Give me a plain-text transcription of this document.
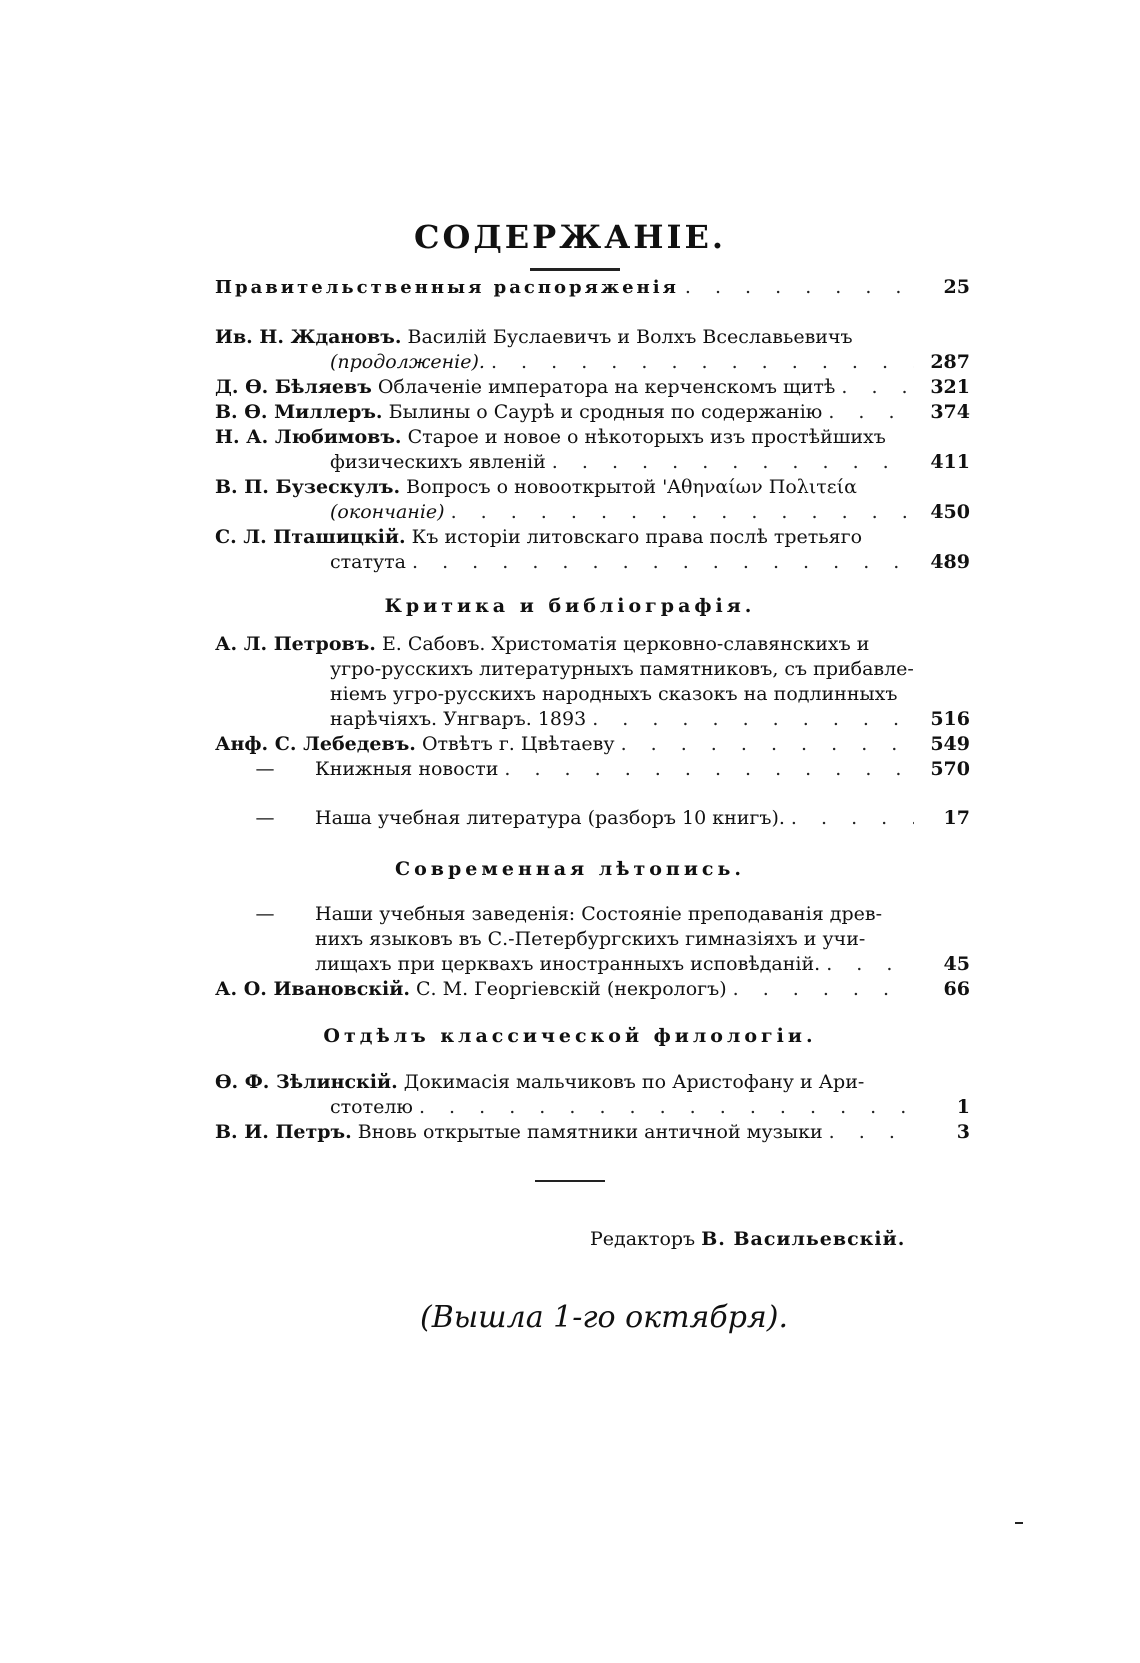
СОДЕРЖАНІЕ.
Правительственныя распоряженія . . .	25
Ив. Н. Ждановъ.
Василій Буслаевичъ и Волхъ Всеславьевичъ
(продолженіе). . . .	287
Д. Ѳ. Бѣляевъ
Облаченіе императора на керченскомъ щитѣ . . .	321
В. Ѳ. Миллеръ.
Былины о Саурѣ и сродныя по содержанію . . .	374
Н. А. Любимовъ.
Старое и новое о нѣкоторыхъ изъ простѣйшихъ
физическихъ явленій . . .	411
В. П. Бузескулъ.
Вопросъ о новооткрытой 'Αθηναίων Πολιτεία
(окончаніе) . . .	450
С. Л. Пташицкій.
Къ исторіи литовскаго права послѣ третьяго
статута . . .	489
Критика и библіографія.
А. Л. Петровъ.
Е. Сабовъ. Христоматія церковно-славянскихъ и
угро-русскихъ литературныхъ памятниковъ, съ прибавле-
ніемъ угро-русскихъ народныхъ сказокъ на подлинныхъ
нарѣчіяхъ. Унгваръ. 1893 . . .	516
Анф. С. Лебедевъ.
Отвѣтъ г. Цвѣтаеву . . .	549
—	Книжныя новости . . .	570
—	Наша учебная литература (разборъ 10 книгъ). . . .	17
Современная лѣтопись.
—	Наши учебныя заведенія: Состояніе преподаванія древ-
нихъ языковъ въ С.-Петербургскихъ гимназіяхъ и учи-
лищахъ при церквахъ иностранныхъ исповѣданій. . . .	45
А. О. Ивановскій.
С. М. Георгіевскій (некрологъ) . . .	66
Отдѣлъ классической филологіи.
Ѳ. Ф. Зѣлинскій.
Докимасія мальчиковъ по Аристофану и Ари-
стотелю . . .	1
В. И. Петръ.
Вновь открытые памятники античной музыки . . .	3
Редакторъ В. Васильевскій.
(Вышла 1-го октября).
